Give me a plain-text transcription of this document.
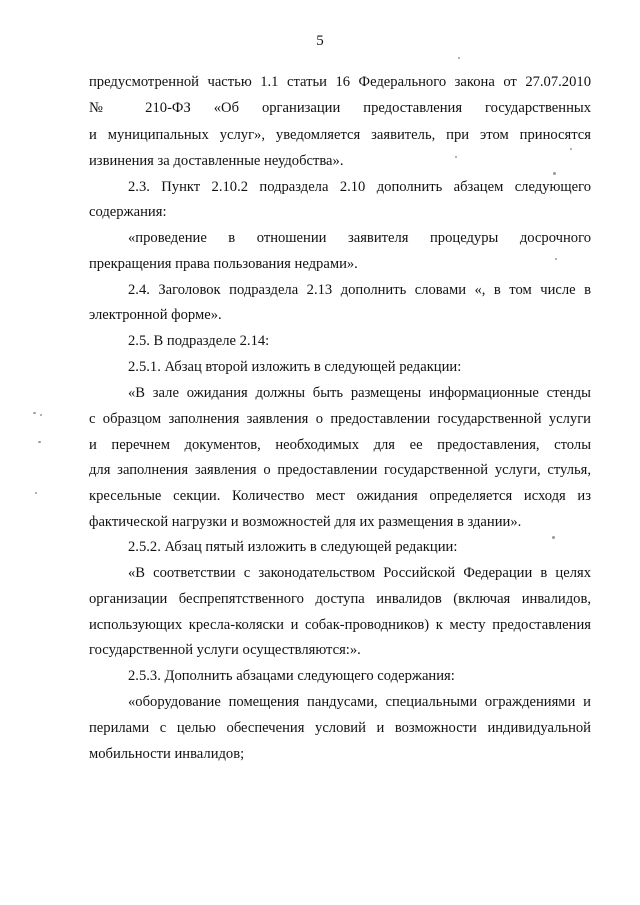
5
предусмотренной частью 1.1 статьи 16 Федерального закона от 27.07.2010
№ 210-ФЗ «Об организации предоставления государственных
и муниципальных услуг», уведомляется заявитель, при этом приносятся
извинения за доставленные неудобства».
2.3. Пункт 2.10.2 подраздела 2.10 дополнить абзацем следующего
содержания:
«проведение в отношении заявителя процедуры досрочного
прекращения права пользования недрами».
2.4. Заголовок подраздела 2.13 дополнить словами «, в том числе в
электронной форме».
2.5. В подразделе 2.14:
2.5.1. Абзац второй изложить в следующей редакции:
«В зале ожидания должны быть размещены информационные стенды
с образцом заполнения заявления о предоставлении государственной услуги
и перечнем документов, необходимых для ее предоставления, столы
для заполнения заявления о предоставлении государственной услуги, стулья,
кресельные секции. Количество мест ожидания определяется исходя из
фактической нагрузки и возможностей для их размещения в здании».
2.5.2. Абзац пятый изложить в следующей редакции:
«В соответствии с законодательством Российской Федерации в целях
организации беспрепятственного доступа инвалидов (включая инвалидов,
использующих кресла-коляски и собак-проводников) к месту предоставления
государственной услуги осуществляются:».
2.5.3. Дополнить абзацами следующего содержания:
«оборудование помещения пандусами, специальными ограждениями и
перилами с целью обеспечения условий и возможности индивидуальной
мобильности инвалидов;
